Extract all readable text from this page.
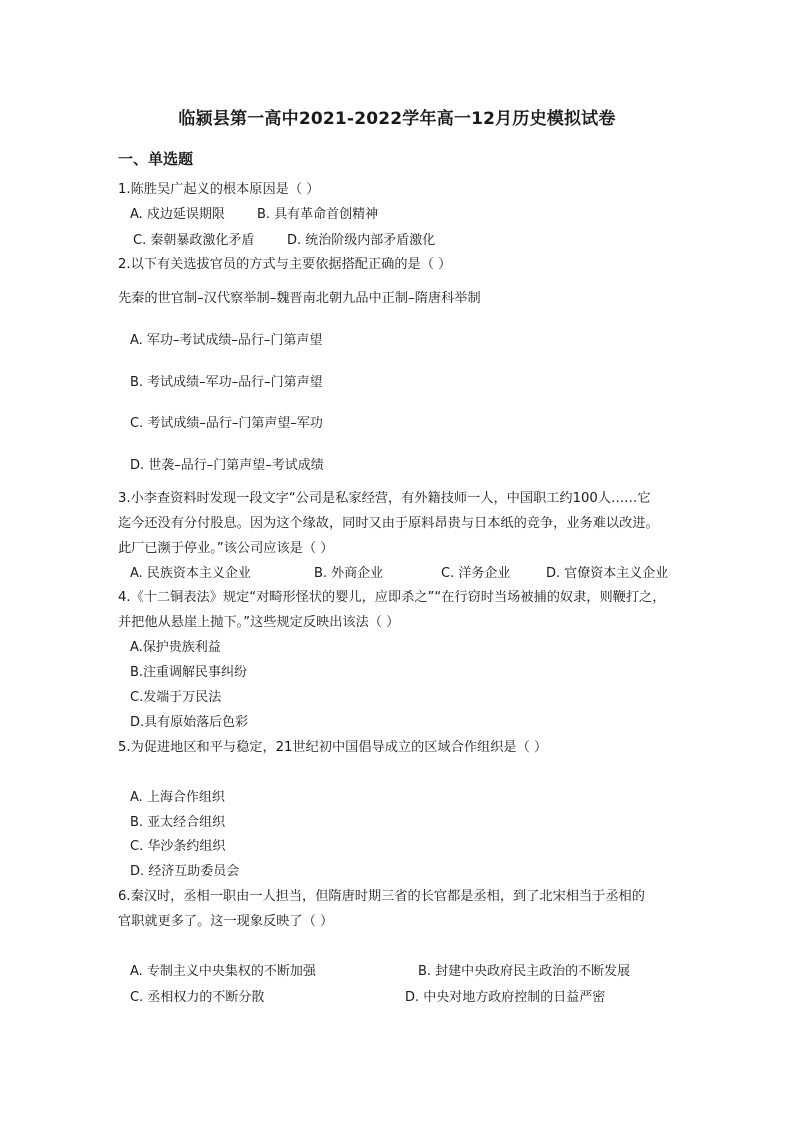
临颍县第一高中2021-2022学年高一12月历史模拟试卷
一、单选题
1.陈胜吴广起义的根本原因是（ ）
A. 戍边延误期限 B. 具有革命首创精神
C. 秦朝暴政激化矛盾	D. 统治阶级内部矛盾激化
2.以下有关选拔官员的方式与主要依据搭配正确的是（ ）
先秦的世官制–汉代察举制–魏晋南北朝九品中正制–隋唐科举制
A. 军功–考试成绩–品行–门第声望
B. 考试成绩–军功–品行–门第声望
C. 考试成绩–品行–门第声望–军功
D. 世袭–品行–门第声望–考试成绩
3.小李查资料时发现一段文字“公司是私家经营，有外籍技师一人，中国职工约100人……它
迄今还没有分付股息。因为这个缘故，同时又由于原料昂贵与日本纸的竞争，业务难以改进。
此厂已濒于停业。”该公司应该是（ ）
A. 民族资本主义企业	B. 外商企业	C. 洋务企业	D. 官僚资本主义企业
4.《十二铜表法》规定“对畸形怪状的婴儿，应即杀之”“在行窃时当场被捕的奴隶，则鞭打之，
并把他从悬崖上抛下。”这些规定反映出该法（ ）
A.保护贵族利益
B.注重调解民事纠纷
C.发端于万民法
D.具有原始落后色彩
5.为促进地区和平与稳定，21世纪初中国倡导成立的区域合作组织是（ ）
A. 上海合作组织
B. 亚太经合组织
C. 华沙条约组织
D. 经济互助委员会
6.秦汉时，丞相一职由一人担当，但隋唐时期三省的长官都是丞相，到了北宋相当于丞相的
官职就更多了。这一现象反映了（ ）
A. 专制主义中央集权的不断加强	B. 封建中央政府民主政治的不断发展
C. 丞相权力的不断分散	D. 中央对地方政府控制的日益严密
